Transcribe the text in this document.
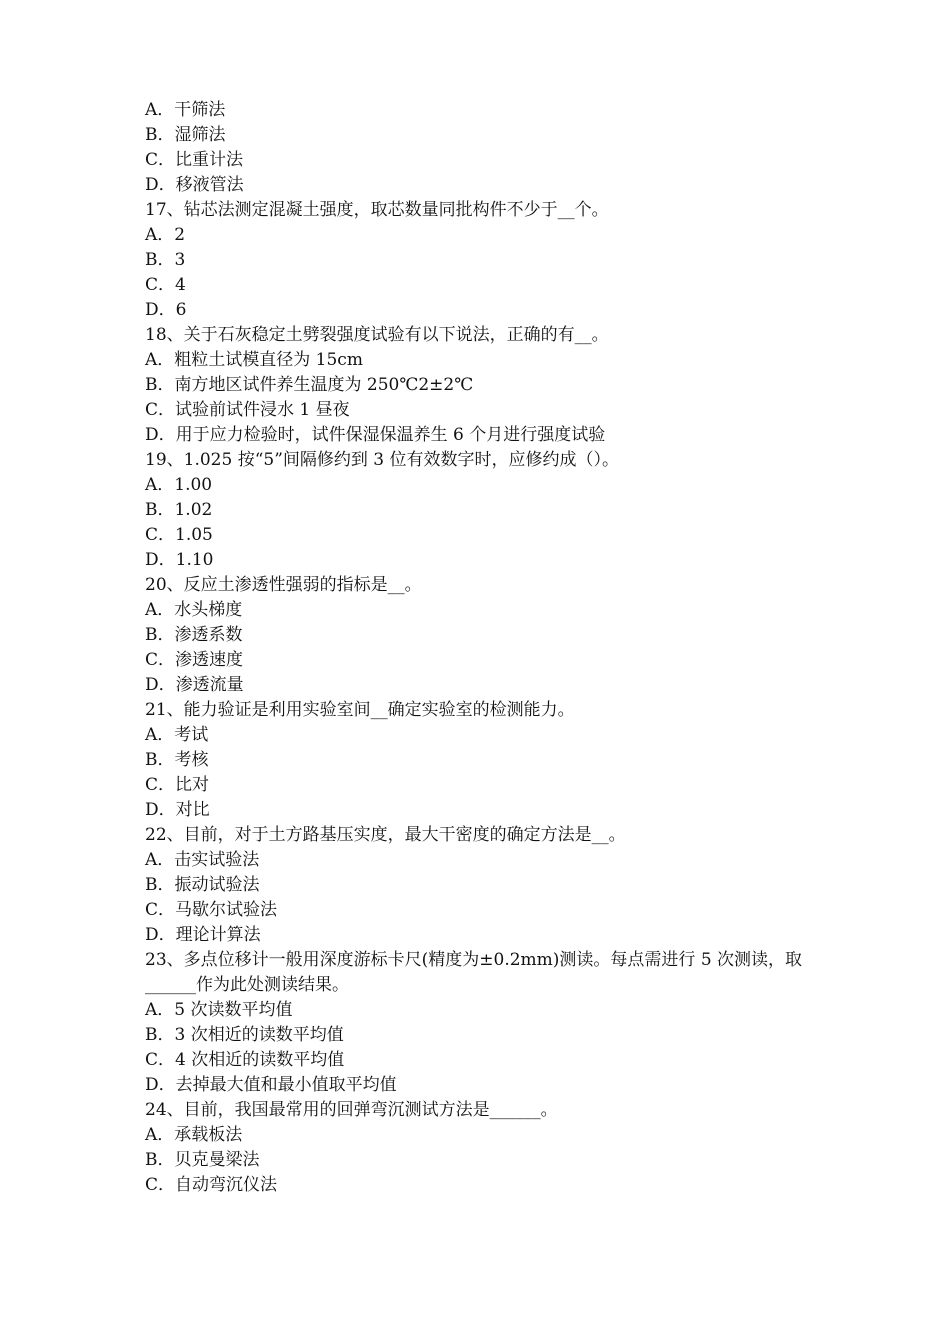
A．干筛法
B．湿筛法
C．比重计法
D．移液管法
17、钻芯法测定混凝土强度，取芯数量同批构件不少于__个。
A．2
B．3
C．4
D．6
18、关于石灰稳定土劈裂强度试验有以下说法，正确的有__。
A．粗粒土试模直径为 15cm
B．南方地区试件养生温度为 250℃2±2℃
C．试验前试件浸水 1 昼夜
D．用于应力检验时，试件保湿保温养生 6 个月进行强度试验
19、1.025 按“5”间隔修约到 3 位有效数字时，应修约成（）。
A．1.00
B．1.02
C．1.05
D．1.10
20、反应土渗透性强弱的指标是__。
A．水头梯度
B．渗透系数
C．渗透速度
D．渗透流量
21、能力验证是利用实验室间__确定实验室的检测能力。
A．考试
B．考核
C．比对
D．对比
22、目前，对于土方路基压实度，最大干密度的确定方法是__。
A．击实试验法
B．振动试验法
C．马歇尔试验法
D．理论计算法
23、多点位移计一般用深度游标卡尺(精度为±0.2mm)测读。每点需进行 5 次测读，取______作为此处测读结果。
A．5 次读数平均值
B．3 次相近的读数平均值
C．4 次相近的读数平均值
D．去掉最大值和最小值取平均值
24、目前，我国最常用的回弹弯沉测试方法是______。
A．承载板法
B．贝克曼梁法
C．自动弯沉仪法
